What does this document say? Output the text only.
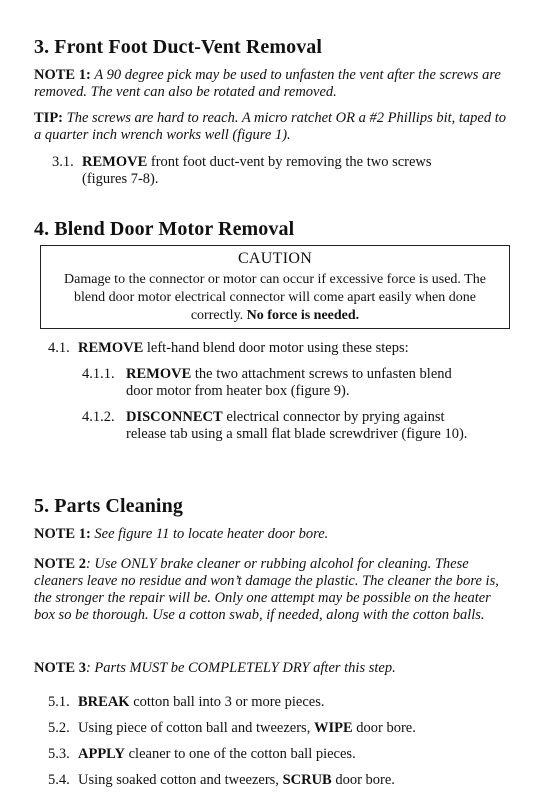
3. Front Foot Duct-Vent Removal
NOTE 1: A 90 degree pick may be used to unfasten the vent after the screws are removed. The vent can also be rotated and removed.
TIP: The screws are hard to reach. A micro ratchet OR a #2 Phillips bit, taped to a quarter inch wrench works well (figure 1).
3.1. REMOVE front foot duct-vent by removing the two screws (figures 7-8).
4. Blend Door Motor Removal
CAUTION
Damage to the connector or motor can occur if excessive force is used. The blend door motor electrical connector will come apart easily when done correctly. No force is needed.
4.1. REMOVE left-hand blend door motor using these steps:
4.1.1. REMOVE the two attachment screws to unfasten blend door motor from heater box (figure 9).
4.1.2. DISCONNECT electrical connector by prying against release tab using a small flat blade screwdriver (figure 10).
5. Parts Cleaning
NOTE 1: See figure 11 to locate heater door bore.
NOTE 2: Use ONLY brake cleaner or rubbing alcohol for cleaning. These cleaners leave no residue and won’t damage the plastic. The cleaner the bore is, the stronger the repair will be. Only one attempt may be possible on the heater box so be thorough. Use a cotton swab, if needed, along with the cotton balls.
NOTE 3: Parts MUST be COMPLETELY DRY after this step.
5.1. BREAK cotton ball into 3 or more pieces.
5.2. Using piece of cotton ball and tweezers, WIPE door bore.
5.3. APPLY cleaner to one of the cotton ball pieces.
5.4. Using soaked cotton and tweezers, SCRUB door bore.
